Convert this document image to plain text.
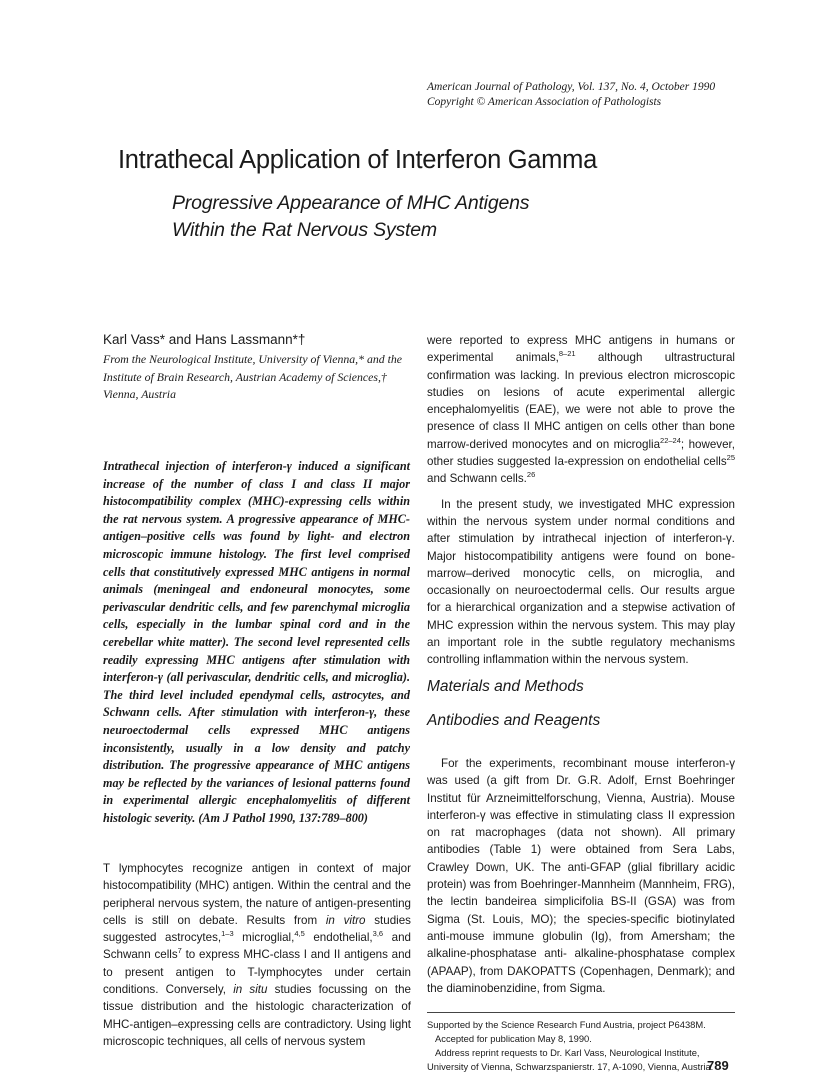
American Journal of Pathology, Vol. 137, No. 4, October 1990
Copyright © American Association of Pathologists
Intrathecal Application of Interferon Gamma
Progressive Appearance of MHC Antigens
Within the Rat Nervous System
Karl Vass* and Hans Lassmann*†
From the Neurological Institute, University of Vienna,* and the Institute of Brain Research, Austrian Academy of Sciences,† Vienna, Austria
Intrathecal injection of interferon-γ induced a significant increase of the number of class I and class II major histocompatibility complex (MHC)-expressing cells within the rat nervous system. A progressive appearance of MHC-antigen–positive cells was found by light- and electron microscopic immune histology. The first level comprised cells that constitutively expressed MHC antigens in normal animals (meningeal and endoneural monocytes, some perivascular dendritic cells, and few parenchymal microglia cells, especially in the lumbar spinal cord and in the cerebellar white matter). The second level represented cells readily expressing MHC antigens after stimulation with interferon-γ (all perivascular, dendritic cells, and microglia). The third level included ependymal cells, astrocytes, and Schwann cells. After stimulation with interferon-γ, these neuroectodermal cells expressed MHC antigens inconsistently, usually in a low density and patchy distribution. The progressive appearance of MHC antigens may be reflected by the variances of lesional patterns found in experimental allergic encephalomyelitis of different histologic severity. (Am J Pathol 1990, 137:789–800)

T lymphocytes recognize antigen in context of major histocompatibility (MHC) antigen. Within the central and the peripheral nervous system, the nature of antigen-presenting cells is still on debate. Results from in vitro studies suggested astrocytes,$^{1-3}$ microglial,$^{4,5}$ endothelial,$^{3,6}$ and Schwann cells$^7$ to express MHC-class I and II antigens and to present antigen to T-lymphocytes under certain conditions. Conversely, in situ studies focussing on the tissue distribution and the histologic characterization of MHC-antigen–expressing cells are contradictory. Using light microscopic techniques, all cells of nervous system

were reported to express MHC antigens in humans or experimental animals,$^{8-21}$ although ultrastructural confirmation was lacking. In previous electron microscopic studies on lesions of acute experimental allergic encephalomyelitis (EAE), we were not able to prove the presence of class II MHC antigen on cells other than bone marrow-derived monocytes and on microglia$^{22-24}$; however, other studies suggested Ia-expression on endothelial cells$^{25}$ and Schwann cells.$^{26}$

In the present study, we investigated MHC expression within the nervous system under normal conditions and after stimulation by intrathecal injection of interferon-γ. Major histocompatibility antigens were found on bone-marrow–derived monocytic cells, on microglia, and occasionally on neuroectodermal cells. Our results argue for a hierarchical organization and a stepwise activation of MHC expression within the nervous system. This may play an important role in the subtle regulatory mechanisms controlling inflammation within the nervous system.

Materials and Methods
Antibodies and Reagents

For the experiments, recombinant mouse interferon-γ was used (a gift from Dr. G.R. Adolf, Ernst Boehringer Institut für Arzneimittelforschung, Vienna, Austria). Mouse interferon-γ was effective in stimulating class II expression on rat macrophages (data not shown). All primary antibodies (Table 1) were obtained from Sera Labs, Crawley Down, UK. The anti-GFAP (glial fibrillary acidic protein) was from Boehringer-Mannheim (Mannheim, FRG), the lectin bandeirea simplicifolia BS-II (GSA) was from Sigma (St. Louis, MO); the species-specific biotinylated anti-mouse immune globulin (Ig), from Amersham; the alkaline-phosphatase anti- alkaline-phosphatase complex (APAAP), from DAKOPATTS (Copenhagen, Denmark); and the diaminobenzidine, from Sigma.

Supported by the Science Research Fund Austria, project P6438M.

Accepted for publication May 8, 1990.

Address reprint requests to Dr. Karl Vass, Neurological Institute, University of Vienna, Schwarzspanierstr. 17, A-1090, Vienna, Austria.

789
